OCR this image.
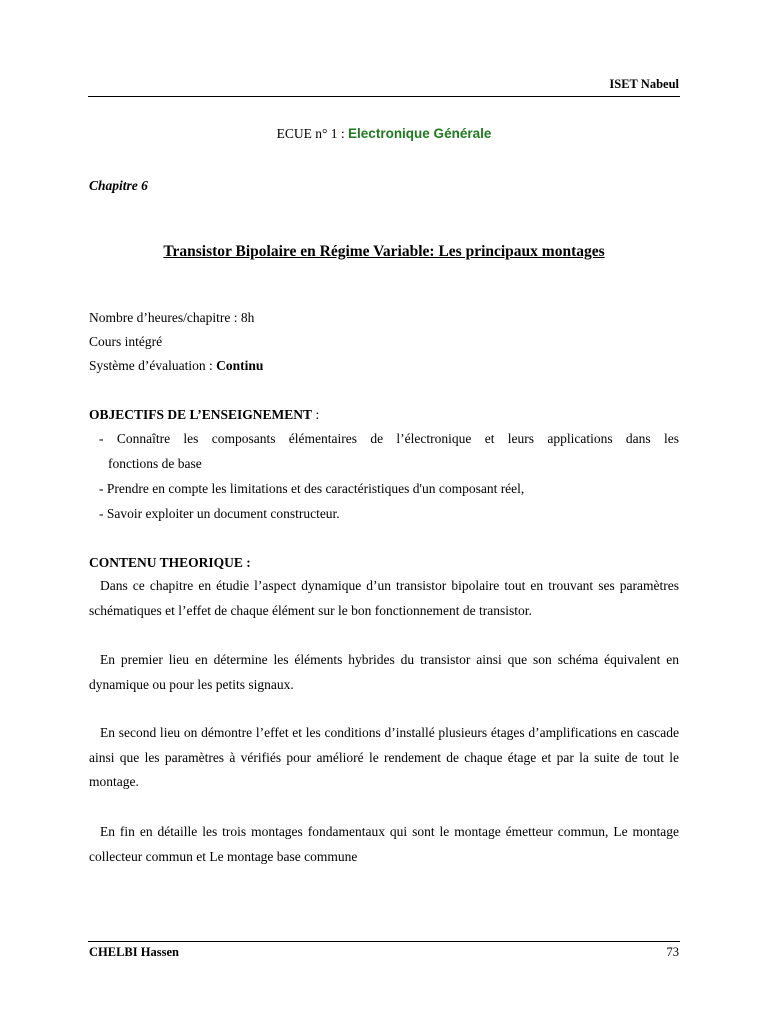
ISET Nabeul
ECUE n° 1 : Electronique Générale
Chapitre 6
Transistor Bipolaire en Régime Variable: Les principaux montages
Nombre d’heures/chapitre : 8h
Cours intégré
Système d’évaluation : Continu
OBJECTIFS DE L’ENSEIGNEMENT :
- Connaître les composants élémentaires de l’électronique et leurs applications dans les
fonctions de base
- Prendre en compte les limitations et des caractéristiques d'un composant réel,
- Savoir exploiter un document constructeur.
CONTENU THEORIQUE :
Dans ce chapitre en étudie l’aspect dynamique d’un transistor bipolaire tout en trouvant ses paramètres schématiques et l’effet de chaque élément sur le bon fonctionnement de transistor.
En premier lieu en détermine les éléments hybrides du transistor ainsi que son schéma équivalent en dynamique ou pour les petits signaux.
En second lieu on démontre l’effet et les conditions d’installé plusieurs étages d’amplifications en cascade ainsi que les paramètres à vérifiés pour amélioré le rendement de chaque étage et par la suite de tout le montage.
En fin en détaille les trois montages fondamentaux qui sont le montage émetteur commun, Le montage collecteur commun et Le montage base commune
CHELBI Hassen	73
